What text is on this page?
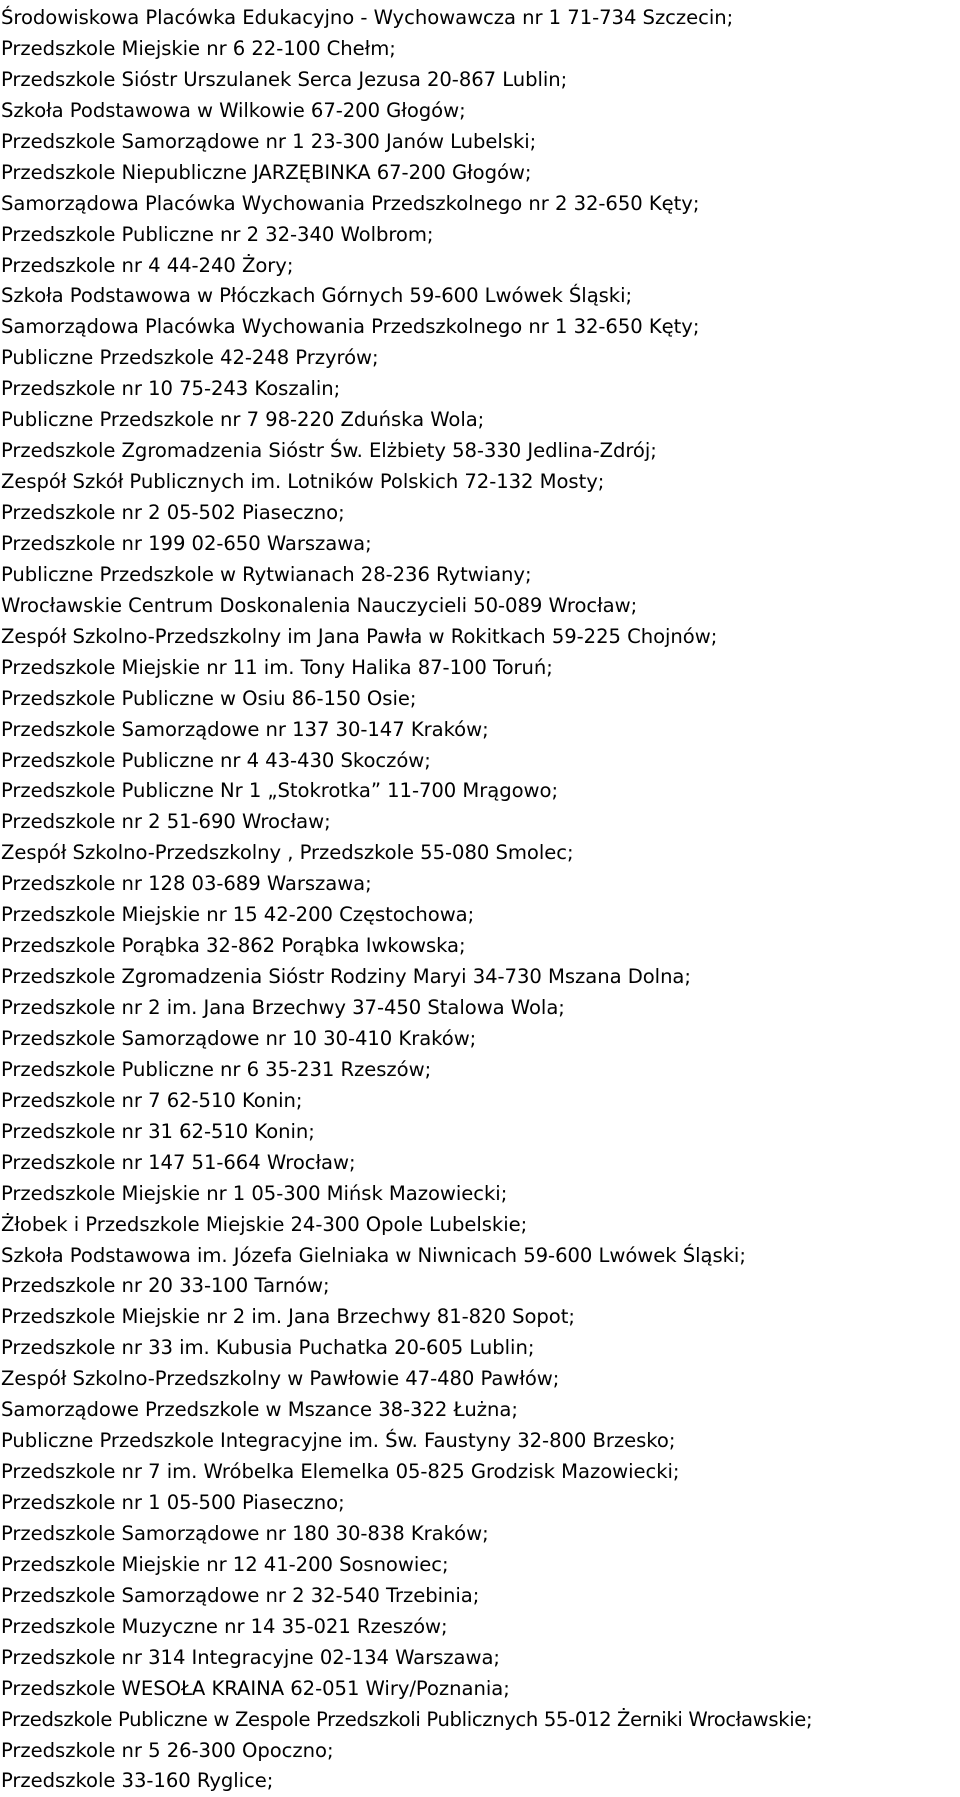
Środowiskowa Placówka Edukacyjno - Wychowawcza nr 1 71-734 Szczecin;
Przedszkole Miejskie nr 6 22-100 Chełm;
Przedszkole Sióstr Urszulanek Serca Jezusa 20-867 Lublin;
Szkoła Podstawowa w Wilkowie 67-200 Głogów;
Przedszkole Samorządowe nr 1 23-300 Janów Lubelski;
Przedszkole Niepubliczne JARZĘBINKA 67-200 Głogów;
Samorządowa Placówka Wychowania Przedszkolnego nr 2 32-650 Kęty;
Przedszkole Publiczne nr 2 32-340 Wolbrom;
Przedszkole nr 4 44-240 Żory;
Szkoła Podstawowa w Płóczkach Górnych 59-600 Lwówek Śląski;
Samorządowa Placówka Wychowania Przedszkolnego nr 1 32-650 Kęty;
Publiczne Przedszkole 42-248 Przyrów;
Przedszkole nr 10 75-243 Koszalin;
Publiczne Przedszkole nr 7 98-220 Zduńska Wola;
Przedszkole Zgromadzenia Sióstr Św. Elżbiety 58-330 Jedlina-Zdrój;
Zespół Szkół Publicznych im. Lotników Polskich 72-132 Mosty;
Przedszkole nr 2 05-502 Piaseczno;
Przedszkole nr 199 02-650 Warszawa;
Publiczne Przedszkole w Rytwianach 28-236 Rytwiany;
Wrocławskie Centrum Doskonalenia Nauczycieli 50-089 Wrocław;
Zespół Szkolno-Przedszkolny im Jana Pawła w Rokitkach 59-225 Chojnów;
Przedszkole Miejskie nr 11 im. Tony Halika 87-100 Toruń;
Przedszkole Publiczne w Osiu 86-150 Osie;
Przedszkole Samorządowe nr 137 30-147 Kraków;
Przedszkole Publiczne nr 4 43-430 Skoczów;
Przedszkole Publiczne Nr 1 „Stokrotka” 11-700 Mrągowo;
Przedszkole nr 2 51-690 Wrocław;
Zespół Szkolno-Przedszkolny , Przedszkole 55-080 Smolec;
Przedszkole nr 128 03-689 Warszawa;
Przedszkole Miejskie nr 15 42-200 Częstochowa;
Przedszkole Porąbka 32-862 Porąbka Iwkowska;
Przedszkole Zgromadzenia Sióstr Rodziny Maryi 34-730 Mszana Dolna;
Przedszkole nr 2 im. Jana Brzechwy 37-450 Stalowa Wola;
Przedszkole Samorządowe nr 10 30-410 Kraków;
Przedszkole Publiczne nr 6 35-231 Rzeszów;
Przedszkole nr 7 62-510 Konin;
Przedszkole nr 31 62-510 Konin;
Przedszkole nr 147 51-664 Wrocław;
Przedszkole Miejskie nr 1 05-300 Mińsk Mazowiecki;
Żłobek i Przedszkole Miejskie 24-300 Opole Lubelskie;
Szkoła Podstawowa im. Józefa Gielniaka w Niwnicach 59-600 Lwówek Śląski;
Przedszkole nr 20 33-100 Tarnów;
Przedszkole Miejskie nr 2 im. Jana Brzechwy 81-820 Sopot;
Przedszkole nr 33 im. Kubusia Puchatka 20-605 Lublin;
Zespół Szkolno-Przedszkolny w Pawłowie 47-480 Pawłów;
Samorządowe Przedszkole w Mszance 38-322 Łużna;
Publiczne Przedszkole Integracyjne im. Św. Faustyny 32-800 Brzesko;
Przedszkole nr 7 im. Wróbelka Elemelka 05-825 Grodzisk Mazowiecki;
Przedszkole nr 1 05-500 Piaseczno;
Przedszkole Samorządowe nr 180 30-838 Kraków;
Przedszkole Miejskie nr 12 41-200 Sosnowiec;
Przedszkole Samorządowe nr 2 32-540 Trzebinia;
Przedszkole Muzyczne nr 14 35-021 Rzeszów;
Przedszkole nr 314 Integracyjne 02-134 Warszawa;
Przedszkole WESOŁA KRAINA 62-051 Wiry/Poznania;
Przedszkole Publiczne w Zespole Przedszkoli Publicznych 55-012 Żerniki Wrocławskie;
Przedszkole nr 5 26-300 Opoczno;
Przedszkole 33-160 Ryglice;
